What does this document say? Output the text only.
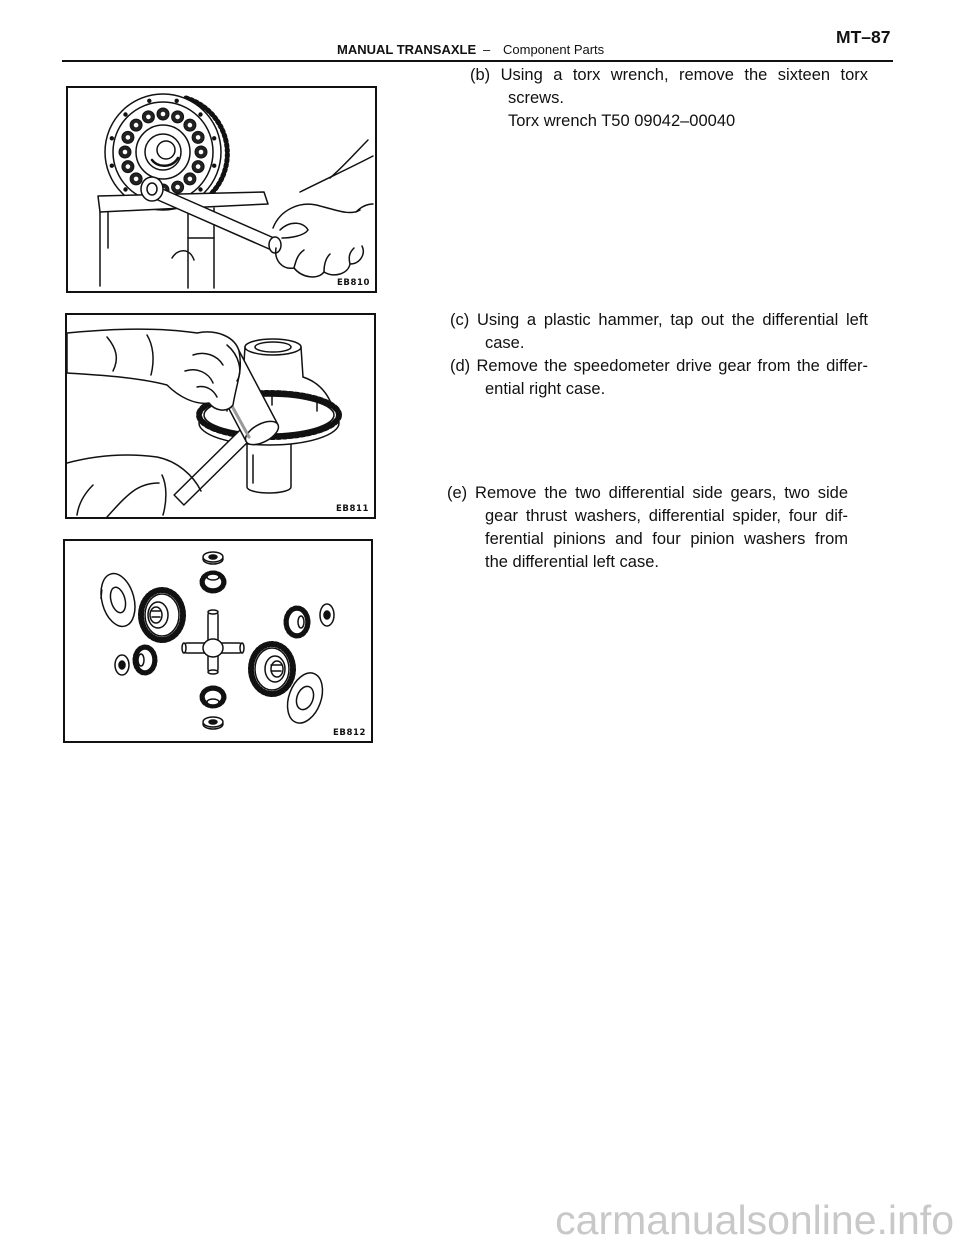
MANUAL TRANSAXLE – Component Parts
MT–87
EB810
(b) Using a torx wrench, remove the sixteen torx
screws.
Torx wrench T50 09042–00040
EB811
(c) Using a plastic hammer, tap out the differential left
case.
(d) Remove the speedometer drive gear from the differ-
ential right case.
(e) Remove the two differential side gears, two side
gear thrust washers, differential spider, four dif-
ferential pinions and four pinion washers from
the differential left case.
EB812
carmanualsonline.info
